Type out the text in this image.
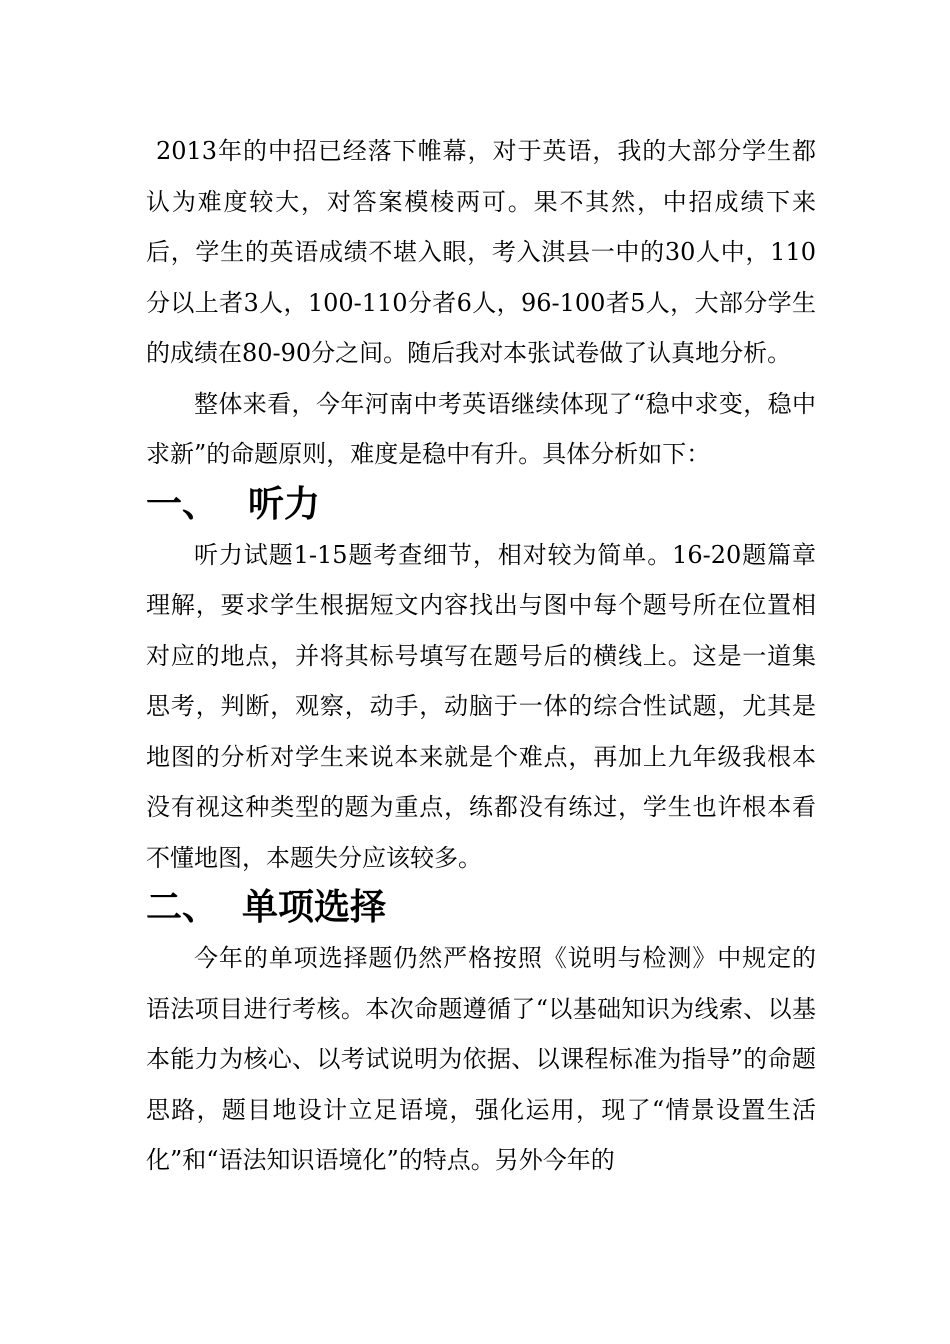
2013年的中招已经落下帷幕，对于英语，我的大部分学生都认为难度较大，对答案模棱两可。果不其然，中招成绩下来后，学生的英语成绩不堪入眼，考入淇县一中的30人中，110分以上者3人，100-110分者6人，96-100者5人，大部分学生的成绩在80-90分之间。随后我对本张试卷做了认真地分析。

整体来看，今年河南中考英语继续体现了“稳中求变，稳中求新”的命题原则，难度是稳中有升。具体分析如下：

一、 听力

听力试题1-15题考查细节，相对较为简单。16-20题篇章理解，要求学生根据短文内容找出与图中每个题号所在位置相对应的地点，并将其标号填写在题号后的横线上。这是一道集思考，判断，观察，动手，动脑于一体的综合性试题，尤其是地图的分析对学生来说本来就是个难点，再加上九年级我根本没有视这种类型的题为重点，练都没有练过，学生也许根本看不懂地图，本题失分应该较多。

二、 单项选择

今年的单项选择题仍然严格按照《说明与检测》中规定的语法项目进行考核。本次命题遵循了“以基础知识为线索、以基本能力为核心、以考试说明为依据、以课程标准为指导”的命题思路，题目地设计立足语境，强化运用，现了“情景设置生活化”和“语法知识语境化”的特点。另外今年的
